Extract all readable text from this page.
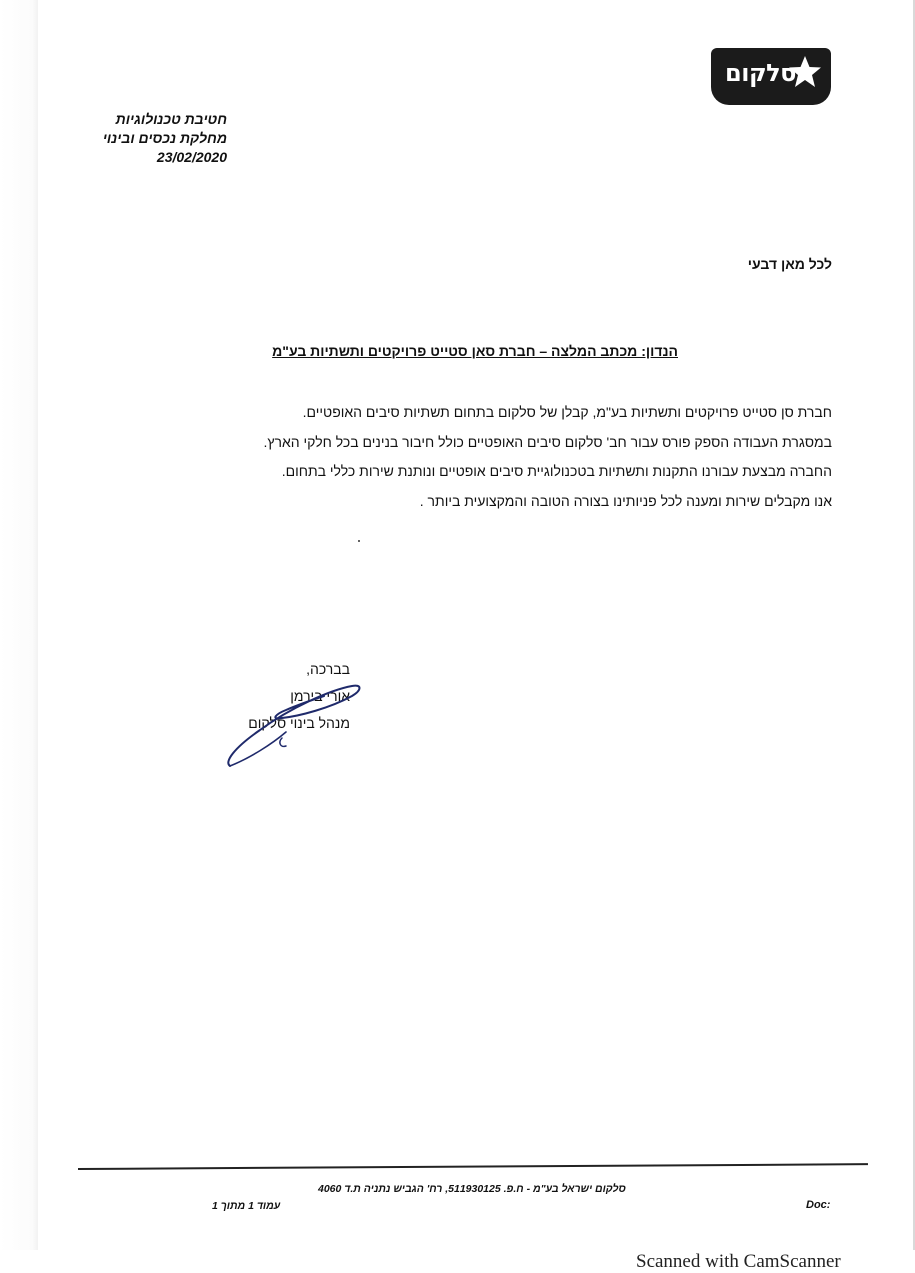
סלקום
חטיבת טכנולוגיות
מחלקת נכסים ובינוי
23/02/2020
לכל מאן דבעי
הנדון: מכתב המלצה – חברת סאן סטייט פרויקטים ותשתיות בע"מ

חברת סן סטייט פרויקטים ותשתיות בע"מ, קבלן של סלקום בתחום תשתיות סיבים האופטיים.

במסגרת העבודה הספק פורס עבור חב' סלקום סיבים האופטיים כולל חיבור בנינים בכל חלקי הארץ.

החברה מבצעת עבורנו התקנות ותשתיות בטכנולוגיית סיבים אופטיים ונותנת שירות כללי בתחום.

אנו מקבלים שירות ומענה לכל פניותינו בצורה הטובה והמקצועית ביותר .

בברכה,

אורי בירמן

מנהל בינוי סלקום

סלקום ישראל בע"מ - ח.פ. 511930125, רח' הגביש נתניה ת.ד 4060
עמוד 1 מתוך 1	Doc:
Scanned with CamScanner
